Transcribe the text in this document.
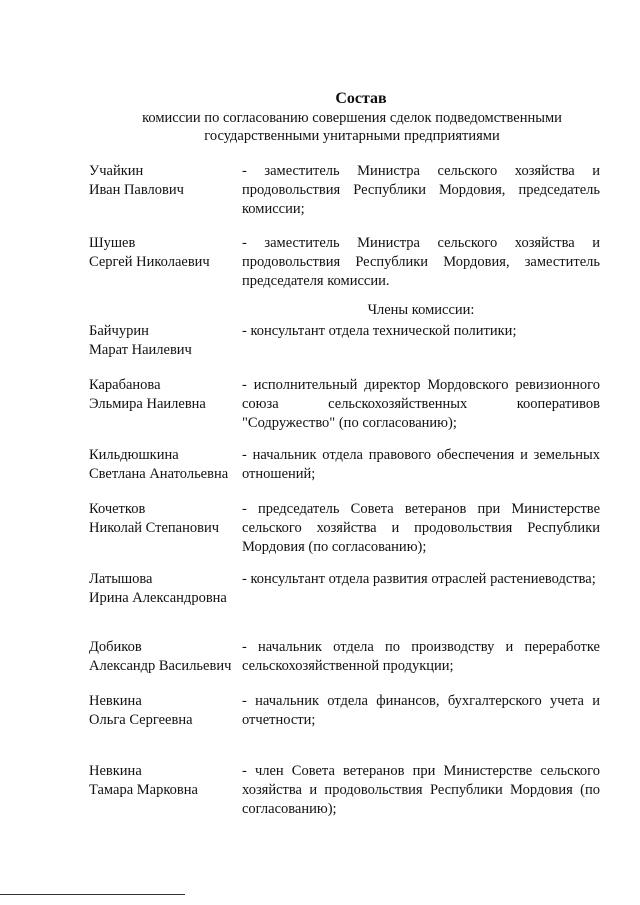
Состав
комиссии по согласованию совершения сделок подведомственными государственными унитарными предприятиями
Учайкин
Иван Павлович
- заместитель Министра сельского хозяйства и продовольствия Республики Мордовия, председатель комиссии;
Шушев
Сергей Николаевич
- заместитель Министра сельского хозяйства и продовольствия Республики Мордовия, заместитель председателя комиссии.
Члены комиссии:
Байчурин
Марат Наилевич
- консультант отдела технической политики;
Карабанова
Эльмира Наилевна
- исполнительный директор Мордовского ревизионного союза сельскохозяйственных кооперативов "Содружество" (по согласованию);
Кильдюшкина
Светлана Анатольевна
- начальник отдела правового обеспечения и земельных отношений;
Кочетков
Николай Степанович
- председатель Совета ветеранов при Министерстве сельского хозяйства и продовольствия Республики Мордовия (по согласованию);
Латышова
Ирина Александровна
- консультант отдела развития отраслей растениеводства;
Добиков
Александр Васильевич
- начальник отдела по производству и переработке сельскохозяйственной продукции;
Невкина
Ольга Сергеевна
- начальник отдела финансов, бухгалтерского учета и отчетности;
Невкина
Тамара Марковна
- член Совета ветеранов при Министерстве сельского хозяйства и продовольствия Республики Мордовия (по согласованию);
